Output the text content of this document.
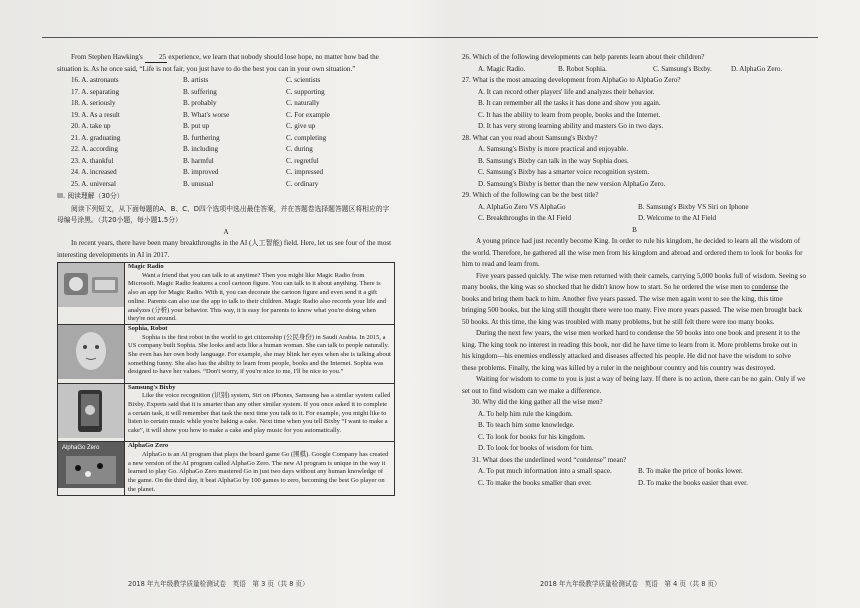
From Stephen Hawking's 25 experience, we learn that nobody should lose hope, no matter how bad the situation is. As he once said, “Life is not fair, you just have to do the best you can in your own situation.”

16. A. astronauts	B. artists	C. scientists
17. A. separating	B. suffering	C. supporting
18. A. seriously	B. probably	C. naturally
19. A. As a result	B. What's worse	C. For example
20. A. take up	B. put up	C. give up
21. A. graduating	B. furthering	C. completing
22. A. according	B. including	C. during
23. A. thankful	B. harmful	C. regretful
24. A. increased	B. improved	C. impressed
25. A. universal	B. unusual	C. ordinary

III. 阅读理解（30分）

阅读下列短文，从下面每题的A、B、C、D四个选项中选出最佳答案，并在答题卷选择题答题区将相应的字母编号涂黑。（共20小题，每小题1.5分）

A

In recent years, there have been many breakthroughs in the AI (人工智能) field. Here, let us see four of the most interesting developments in AI in 2017.

Magic Radio
Want a friend that you can talk to at anytime? Then you might like Magic Radio from Microsoft. Magic Radio features a cool cartoon figure. You can talk to it about anything. There is also an app for Magic Radio. With it, you can decorate the cartoon figure and even send it a gift online. Parents can also use the app to talk to their children. Magic Radio also records your life and analyzes (分析) your behavior. This way, it is easy for parents to know what you're doing when they're not around.
Sophia, Robot
Sophia is the first robot in the world to get citizenship (公民身份) in Saudi Arabia. In 2015, a US company built Sophia. She looks and acts like a human woman. She can talk to people naturally. She even has her own body language. For example, she may blink her eyes when she is talking about something funny. She also has the ability to learn from people, books and the Internet. Sophia was designed to have her values. “Don't worry, if you're nice to me, I'll be nice to you.”
Samsung's Bixby
Like the voice recognition (识别) system, Siri on iPhones, Samsung has a similar system called Bixby. Experts said that it is smarter than any other similar system. If you once asked it to complete a certain task, it will remember that task the next time you talk to it. For example, you might like to listen to certain music while you're baking a cake. Next time when you tell Bixby “I want to make a cake”, it will show you how to make a cake and play music for you automatically.
AlphaGo Zero	AlphaGo Zero
AlphaGo is an AI program that plays the board game Go (围棋). Google Company has created a new version of the AI program called AlphaGo Zero. The new AI program is unique in the way it learned to play Go. AlphaGo Zero mastered Go in just two days without any human knowledge of the game. On the third day, it beat AlphaGo by 100 games to zero, becoming the best Go player on the planet.
2018 年九年级教学质量检测试卷　英语　第 3 页（共 8 页）

26. Which of the following developments can help parents learn about their children?

A. Magic Radio.	B. Robot Sophia.	C. Samsung's Bixby.	D. AlphaGo Zero.

27. What is the most amazing development from AlphaGo to AlphaGo Zero?

A. It can record other players' life and analyzes their behavior.
B. It can remember all the tasks it has done and show you again.
C. It has the ability to learn from people, books and the Internet.
D. It has very strong learning ability and masters Go in two days.

28. What can you read about Samsung's Bixby?

A. Samsung's Bixby is more practical and enjoyable.
B. Samsung's Bixby can talk in the way Sophia does.
C. Samsung's Bixby has a smarter voice recognition system.
D. Samsung's Bixby is better than the new version AlphaGo Zero.

29. Which of the following can be the best title?

A. AlphaGo Zero VS AlphaGo	B. Samsung's Bixby VS Siri on Iphone
C. Breakthroughs in the AI Field	D. Welcome to the AI Field

B

A young prince had just recently become King. In order to rule his kingdom, he decided to learn all the wisdom of the world. Therefore, he gathered all the wise men from his kingdom and abroad and ordered them to look for books for him to read and learn from.

Five years passed quickly. The wise men returned with their camels, carrying 5,000 books full of wisdom. Seeing so many books, the king was so shocked that he didn't know how to start. So he ordered the wise men to condense the books and bring them back to him. Another five years passed. The wise men again went to see the king, this time bringing 500 books, but the king still thought there were too many. Five more years passed. The wise men brought back 50 books. At this time, the king was troubled with many problems, but he still felt there were too many books.

During the next few years, the wise men worked hard to condense the 50 books into one book and present it to the king. The king took no interest in reading this book, nor did he have time to learn from it. More problems broke out in his kingdom—his enemies endlessly attacked and diseases affected his people. He did not have the wisdom to solve these problems. Finally, the king was killed by a ruler in the neighbour country and his country was destroyed.

Waiting for wisdom to come to you is just a way of being lazy. If there is no action, there can be no gain. Only if we set out to find wisdom can we make a difference.

30. Why did the king gather all the wise men?

A. To help him rule the kingdom.
B. To teach him some knowledge.
C. To look for books for his kingdom.
D. To look for books of wisdom for him.

31. What does the underlined word “condense” mean?

A. To put much information into a small space.	B. To make the price of books lower.
C. To make the books smaller than ever.	D. To make the books easier than ever.
2018 年九年级教学质量检测试卷　英语　第 4 页（共 8 页）
